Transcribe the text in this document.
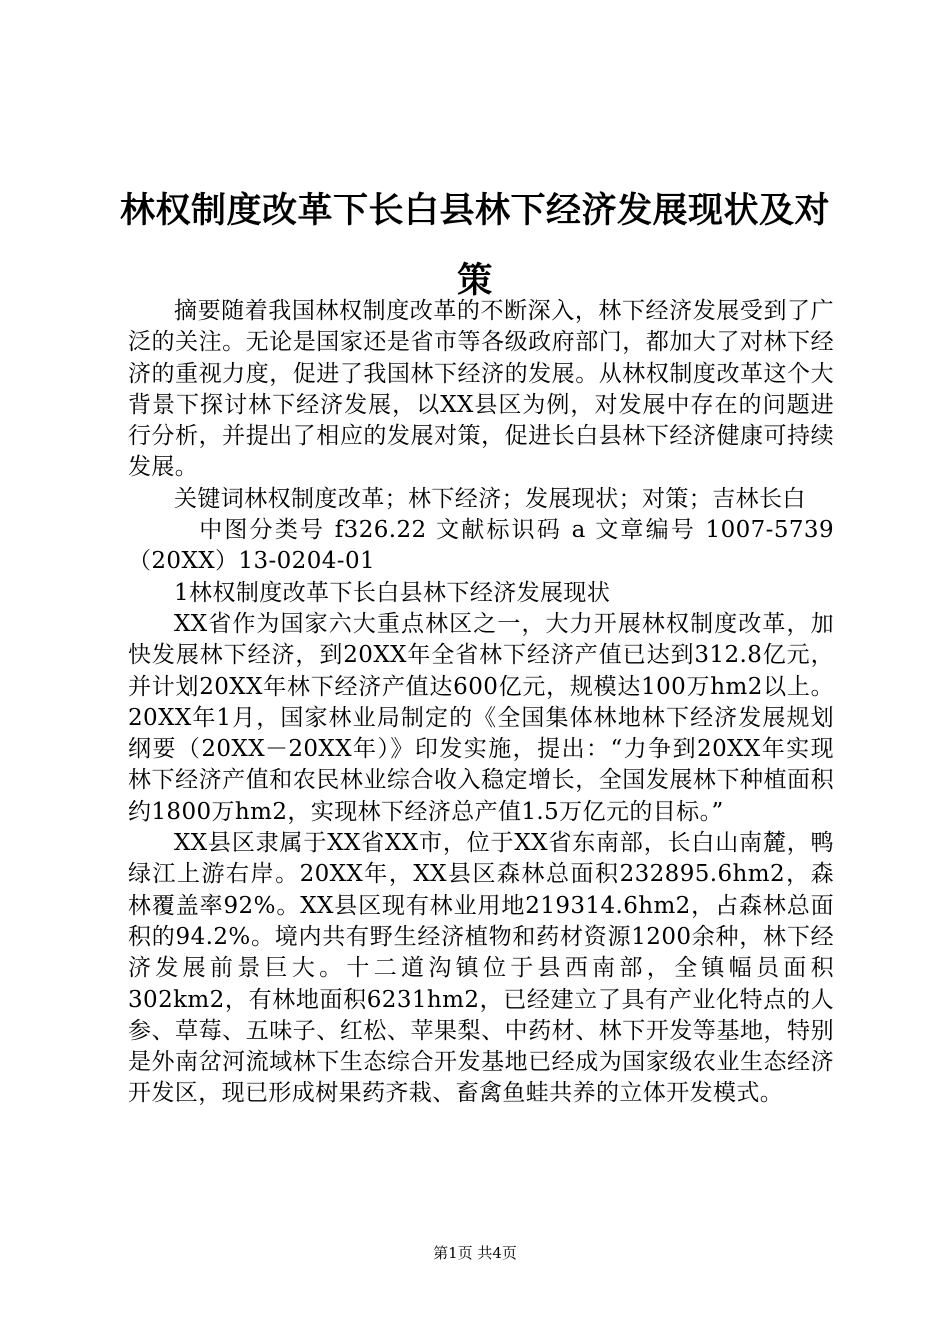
林权制度改革下长白县林下经济发展现状及对策

摘要随着我国林权制度改革的不断深入，林下经济发展受到了广泛的关注。无论是国家还是省市等各级政府部门，都加大了对林下经济的重视力度，促进了我国林下经济的发展。从林权制度改革这个大背景下探讨林下经济发展，以XX县区为例，对发展中存在的问题进行分析，并提出了相应的发展对策，促进长白县林下经济健康可持续发展。

关键词林权制度改革；林下经济；发展现状；对策；吉林长白

　中图分类号 f326.22 文献标识码 a 文章编号 1007-5739（20XX）13-0204-01

1林权制度改革下长白县林下经济发展现状

XX省作为国家六大重点林区之一，大力开展林权制度改革，加快发展林下经济，到20XX年全省林下经济产值已达到312.8亿元，并计划20XX年林下经济产值达600亿元，规模达100万hm2以上。20XX年1月，国家林业局制定的《全国集体林地林下经济发展规划纲要（20XX－20XX年）》印发实施，提出：“力争到20XX年实现林下经济产值和农民林业综合收入稳定增长，全国发展林下种植面积约1800万hm2，实现林下经济总产值1.5万亿元的目标。”

XX县区隶属于XX省XX市，位于XX省东南部，长白山南麓，鸭绿江上游右岸。20XX年，XX县区森林总面积232895.6hm2，森林覆盖率92%。XX县区现有林业用地219314.6hm2，占森林总面积的94.2%。境内共有野生经济植物和药材资源1200余种，林下经济发展前景巨大。十二道沟镇位于县西南部，全镇幅员面积302km2，有林地面积6231hm2，已经建立了具有产业化特点的人参、草莓、五味子、红松、苹果梨、中药材、林下开发等基地，特别是外南岔河流域林下生态综合开发基地已经成为国家级农业生态经济开发区，现已形成树果药齐栽、畜禽鱼蛙共养的立体开发模式。

第1页 共4页
